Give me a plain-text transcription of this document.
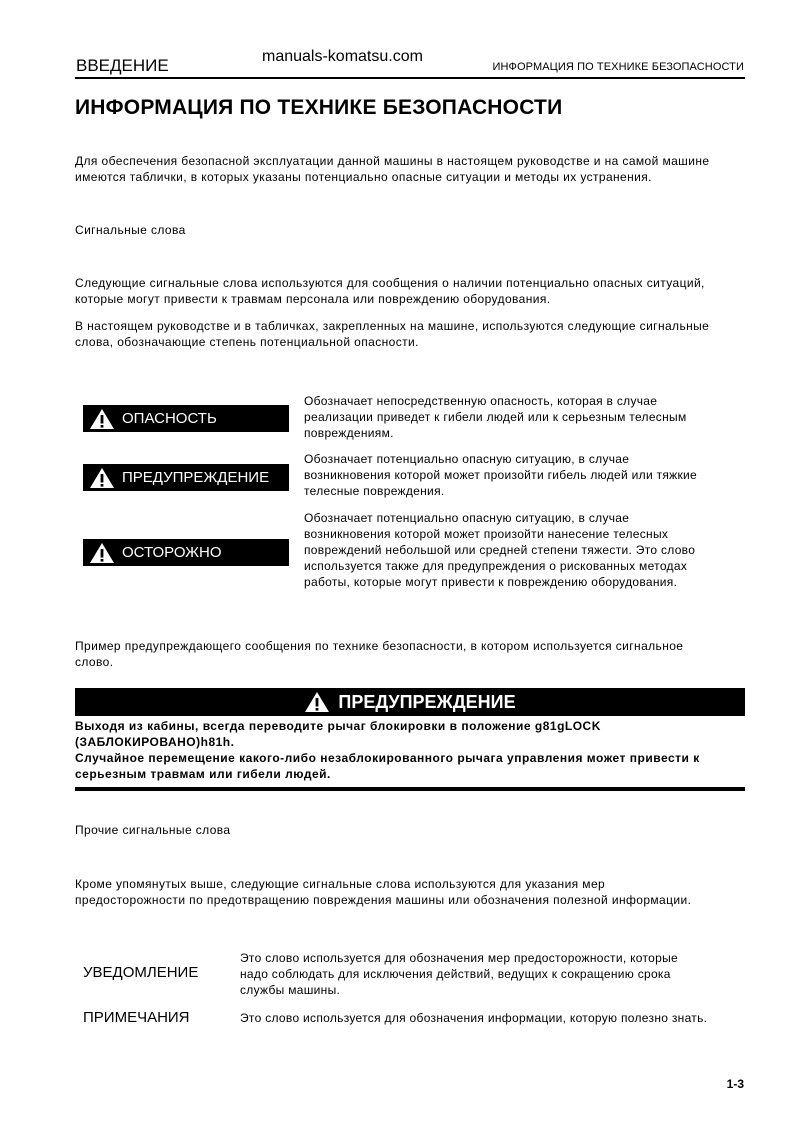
manuals-komatsu.com
ВВЕДЕНИЕ	ИНФОРМАЦИЯ ПО ТЕХНИКЕ БЕЗОПАСНОСТИ
ИНФОРМАЦИЯ ПО ТЕХНИКЕ БЕЗОПАСНОСТИ

Для обеспечения безопасной эксплуатации данной машины в настоящем руководстве и на самой машине

имеются таблички, в которых указаны потенциально опасные ситуации и методы их устранения.

Сигнальные слова

Следующие сигнальные слова используются для сообщения о наличии потенциально опасных ситуаций,

которые могут привести к травмам персонала или повреждению оборудования.

В настоящем руководстве и в табличках, закрепленных на машине, используются следующие сигнальные

слова, обозначающие степень потенциальной опасности.

ОПАСНОСТЬ
Обозначает непосредственную опасность, которая в случае
реализации приведет к гибели людей или к серьезным телесным
повреждениям.
ПРЕДУПРЕЖДЕНИЕ
Обозначает потенциально опасную ситуацию, в случае
возникновения которой может произойти гибель людей или тяжкие
телесные повреждения.
ОСТОРОЖНО
Обозначает потенциально опасную ситуацию, в случае
возникновения которой может произойти нанесение телесных
повреждений небольшой или средней степени тяжести. Это слово
используется также для предупреждения о рискованных методах
работы, которые могут привести к повреждению оборудования.

Пример предупреждающего сообщения по технике безопасности, в котором используется сигнальное

слово.

ПРЕДУПРЕЖДЕНИЕ

Выходя из кабины, всегда переводите рычаг блокировки в положение g81gLOCK

(ЗАБЛОКИРОВАНО)h81h.

Случайное перемещение какого-либо незаблокированного рычага управления может привести к

серьезным травмам или гибели людей.

Прочие сигнальные слова

Кроме упомянутых выше, следующие сигнальные слова используются для указания мер

предосторожности по предотвращению повреждения машины или обозначения полезной информации.

УВЕДОМЛЕНИЕ
Это слово используется для обозначения мер предосторожности, которые
надо соблюдать для исключения действий, ведущих к сокращению срока
службы машины.
ПРИМЕЧАНИЯ	Это слово используется для обозначения информации, которую полезно знать.
1-3
